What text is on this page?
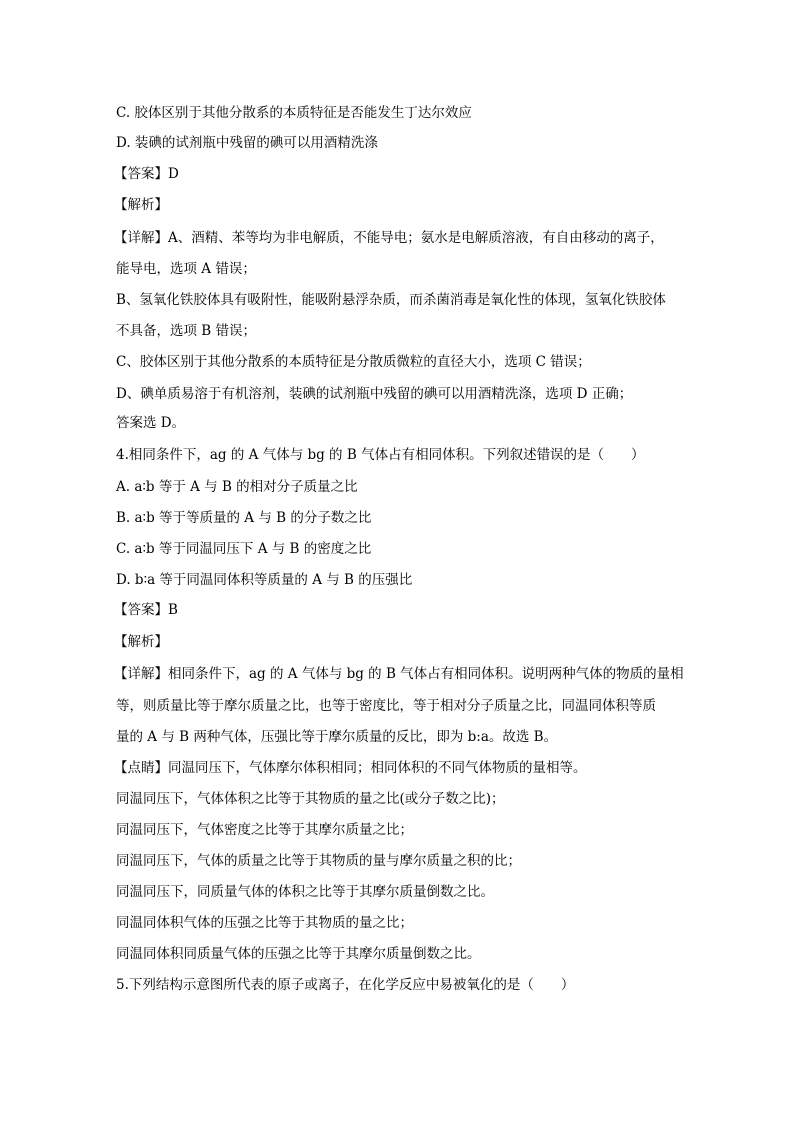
C. 胶体区别于其他分散系的本质特征是否能发生丁达尔效应
D. 装碘的试剂瓶中残留的碘可以用酒精洗涤
【答案】D
【解析】
【详解】A、酒精、苯等均为非电解质，不能导电；氨水是电解质溶液，有自由移动的离子，
能导电，选项 A 错误；
B、氢氧化铁胶体具有吸附性，能吸附悬浮杂质，而杀菌消毒是氧化性的体现，氢氧化铁胶体
不具备，选项 B 错误；
C、胶体区别于其他分散系的本质特征是分散质微粒的直径大小，选项 C 错误；
D、碘单质易溶于有机溶剂，装碘的试剂瓶中残留的碘可以用酒精洗涤，选项 D 正确；
答案选 D。
4.相同条件下，ag 的 A 气体与 bg 的 B 气体占有相同体积。下列叙述错误的是（　　）
A. a∶b 等于 A 与 B 的相对分子质量之比
B. a∶b 等于等质量的 A 与 B 的分子数之比
C. a∶b 等于同温同压下 A 与 B 的密度之比
D. b∶a 等于同温同体积等质量的 A 与 B 的压强比
【答案】B
【解析】
【详解】相同条件下，ag 的 A 气体与 bg 的 B 气体占有相同体积。说明两种气体的物质的量相
等，则质量比等于摩尔质量之比，也等于密度比，等于相对分子质量之比，同温同体积等质
量的 A 与 B 两种气体，压强比等于摩尔质量的反比，即为 b:a。故选 B。
【点睛】同温同压下，气体摩尔体积相同；相同体积的不同气体物质的量相等。
同温同压下，气体体积之比等于其物质的量之比(或分子数之比)；
同温同压下，气体密度之比等于其摩尔质量之比；
同温同压下，气体的质量之比等于其物质的量与摩尔质量之积的比；
同温同压下，同质量气体的体积之比等于其摩尔质量倒数之比。
同温同体积气体的压强之比等于其物质的量之比；
同温同体积同质量气体的压强之比等于其摩尔质量倒数之比。
5.下列结构示意图所代表的原子或离子，在化学反应中易被氧化的是（　　）
